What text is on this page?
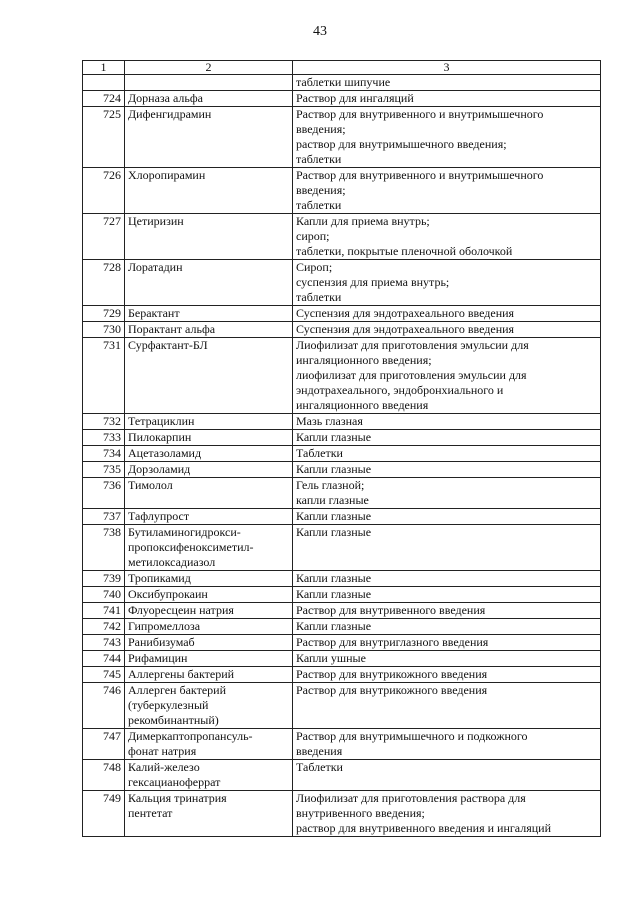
43
1	2	3

		таблетки шипучие

724	Дорназа альфа	Раствор для ингаляций

725	Дифенгидрамин	Раствор для внутривенного и внутримышечного
введения;
раствор для внутримышечного введения;
таблетки

726	Хлоропирамин	Раствор для внутривенного и внутримышечного
введения;
таблетки

727	Цетиризин	Капли для приема внутрь;
сироп;
таблетки, покрытые пленочной оболочкой

728	Лоратадин	Сироп;
суспензия для приема внутрь;
таблетки

729	Берактант	Суспензия для эндотрахеального введения

730	Порактант альфа	Суспензия для эндотрахеального введения

731	Сурфактант-БЛ	Лиофилизат для приготовления эмульсии для
ингаляционного введения;
лиофилизат для приготовления эмульсии для
эндотрахеального, эндобронхиального и
ингаляционного введения

732	Тетрациклин	Мазь глазная

733	Пилокарпин	Капли глазные

734	Ацетазоламид	Таблетки

735	Дорзоламид	Капли глазные

736	Тимолол	Гель глазной;
капли глазные

737	Тафлупрост	Капли глазные

738	Бутиламиногидрокси-
пропоксифеноксиметил-
метилоксадиазол	Капли глазные

739	Тропикамид	Капли глазные

740	Оксибупрокаин	Капли глазные

741	Флуоресцеин натрия	Раствор для внутривенного введения

742	Гипромеллоза	Капли глазные

743	Ранибизумаб	Раствор для внутриглазного введения

744	Рифамицин	Капли ушные

745	Аллергены бактерий	Раствор для внутрикожного введения

746	Аллерген бактерий
(туберкулезный
рекомбинантный)	Раствор для внутрикожного введения

747	Димеркаптопропансуль-
фонат натрия	Раствор для внутримышечного и подкожного
введения

748	Калий-железо
гексацианоферрат	Таблетки

749	Кальция тринатрия
пентетат	Лиофилизат для приготовления раствора для
внутривенного введения;
раствор для внутривенного введения и ингаляций
